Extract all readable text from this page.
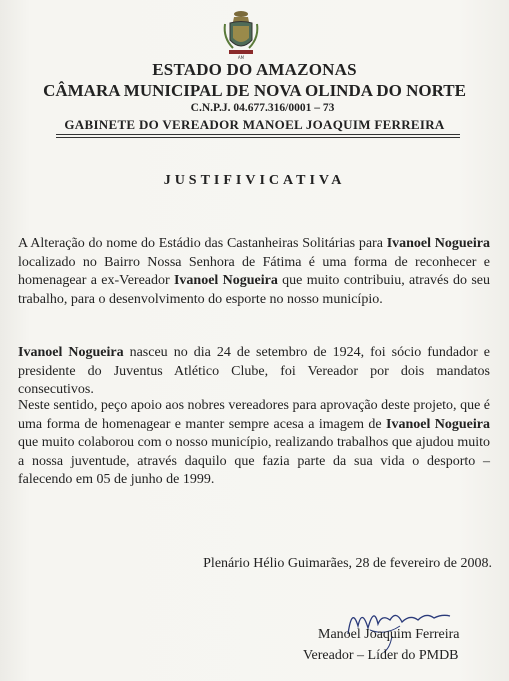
AM
ESTADO DO AMAZONAS
CÂMARA MUNICIPAL DE NOVA OLINDA DO NORTE
C.N.P.J. 04.677.316/0001 – 73
GABINETE DO VEREADOR MANOEL JOAQUIM FERREIRA
JUSTIFIVICATIVA
A Alteração do nome do Estádio das Castanheiras Solitárias para Ivanoel Nogueira localizado no Bairro Nossa Senhora de Fátima é uma forma de reconhecer e homenagear a ex-Vereador Ivanoel Nogueira que muito contribuiu, através do seu trabalho, para o desenvolvimento do esporte no nosso município.
Ivanoel Nogueira nasceu no dia 24 de setembro de 1924, foi sócio fundador e presidente do Juventus Atlético Clube, foi Vereador por dois mandatos consecutivos.
Neste sentido, peço apoio aos nobres vereadores para aprovação deste projeto, que é uma forma de homenagear e manter sempre acesa a imagem de Ivanoel Nogueira que muito colaborou com o nosso município, realizando trabalhos que ajudou muito a nossa juventude, através daquilo que fazia parte da sua vida o desporto – falecendo em 05 de junho de 1999.
Plenário Hélio Guimarães, 28 de fevereiro de 2008.
Manoel Joaquim Ferreira
Vereador – Líder do PMDB
